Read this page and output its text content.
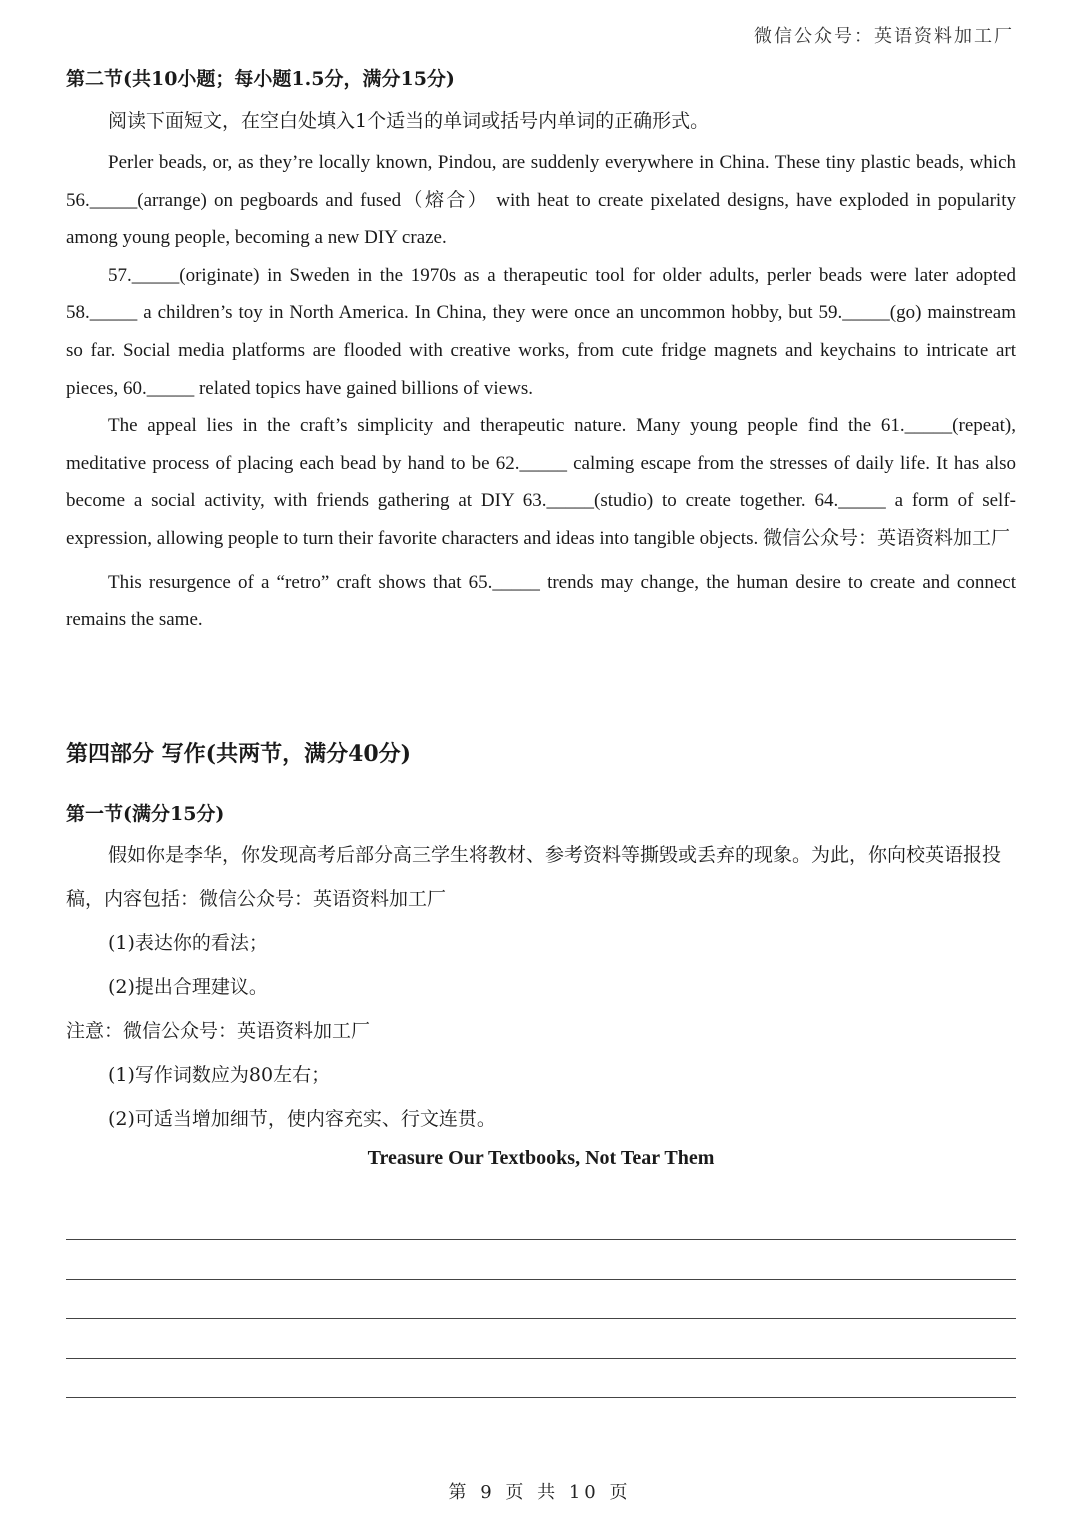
微信公众号：英语资料加工厂

第二节(共10小题；每小题1.5分，满分15分)

阅读下面短文，在空白处填入1个适当的单词或括号内单词的正确形式。

Perler beads, or, as they’re locally known, Pindou, are suddenly everywhere in China. These tiny plastic beads, which 56._____(arrange) on pegboards and fused（熔合） with heat to create pixelated designs, have exploded in popularity among young people, becoming a new DIY craze.

57._____(originate) in Sweden in the 1970s as a therapeutic tool for older adults, perler beads were later adopted 58._____ a children’s toy in North America. In China, they were once an uncommon hobby, but 59._____(go) mainstream so far. Social media platforms are flooded with creative works, from cute fridge magnets and keychains to intricate art pieces, 60._____ related topics have gained billions of views.

The appeal lies in the craft’s simplicity and therapeutic nature. Many young people find the 61._____(repeat), meditative process of placing each bead by hand to be 62._____ calming escape from the stresses of daily life. It has also become a social activity, with friends gathering at DIY 63._____(studio) to create together. 64._____ a form of self-expression, allowing people to turn their favorite characters and ideas into tangible objects. 微信公众号：英语资料加工厂

This resurgence of a “retro” craft shows that 65._____ trends may change, the human desire to create and connect remains the same.

第四部分 写作(共两节，满分40分)

第一节(满分15分)

假如你是李华，你发现高考后部分高三学生将教材、参考资料等撕毁或丢弃的现象。为此，你向校英语报投稿，内容包括：微信公众号：英语资料加工厂

(1)表达你的看法；

(2)提出合理建议。

注意：微信公众号：英语资料加工厂

(1)写作词数应为80左右；

(2)可适当增加细节，使内容充实、行文连贯。

Treasure Our Textbooks, Not Tear Them

第 9 页 共 10 页
